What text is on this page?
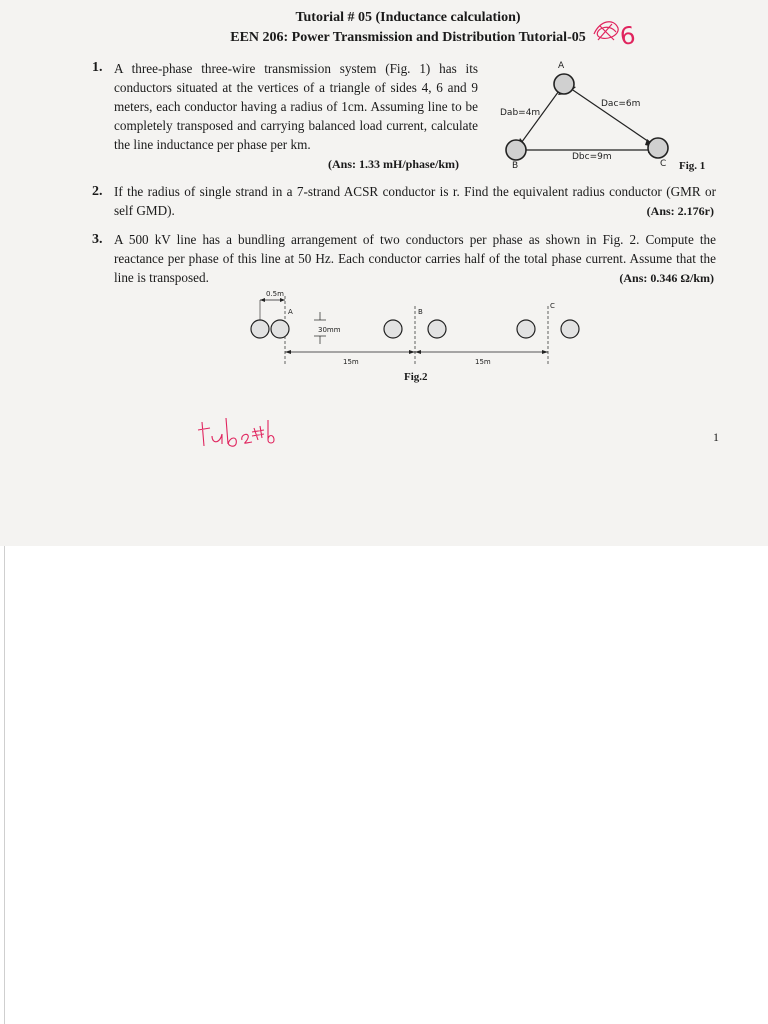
Tutorial # 05 (Inductance calculation)
EEN 206: Power Transmission and Distribution Tutorial-05	6
1. A three-phase three-wire transmission system (Fig. 1) has its conductors situated at the vertices of a triangle of sides 4, 6 and 9 meters, each conductor having a radius of 1cm. Assuming line to be completely transposed and carrying balanced load current, calculate the line inductance per phase per km.
(Ans: 1.33 mH/phase/km)
A
B	C
Dab=4m
Dac=6m
Dbc=9m
Fig. 1
2. If the radius of single strand in a 7-strand ACSR conductor is r. Find the equivalent radius conductor (GMR or self GMD).	(Ans: 2.176r)
3. A 500 kV line has a bundling arrangement of two conductors per phase as shown in Fig. 2. Compute the reactance per phase of this line at 50 Hz. Each conductor carries half of the total phase current. Assume that the line is transposed.	(Ans: 0.346 Ω/km)
0.5m
A	B
C
30mm
15m	15m
Fig.2
1
